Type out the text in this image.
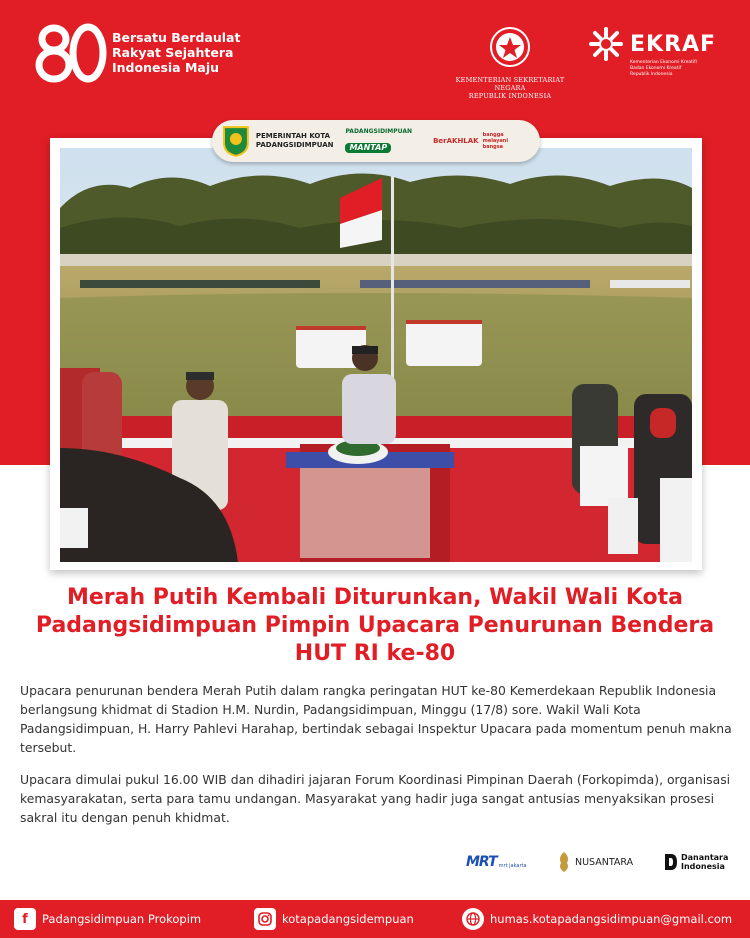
Bersatu Berdaulat
Rakyat Sejahtera
Indonesia Maju
KEMENTERIAN SEKRETARIAT NEGARA
REPUBLIK INDONESIA
EKRAF
Kementerian Ekonomi Kreatif/
Badan Ekonomi Kreatif
Republik Indonesia
PEMERINTAH KOTA
PADANGSIDIMPUAN
PADANGSIDIMPUAN
MANTAP
BerAKHLAK
bangga
melayani bangsa
Merah Putih Kembali Diturunkan, Wakil Wali Kota Padangsidimpuan Pimpin Upacara Penurunan Bendera HUT RI ke-80

Upacara penurunan bendera Merah Putih dalam rangka peringatan HUT ke-80 Kemerdekaan Republik Indonesia berlangsung khidmat di Stadion H.M. Nurdin, Padangsidimpuan, Minggu (17/8) sore. Wakil Wali Kota Padangsidimpuan, H. Harry Pahlevi Harahap, bertindak sebagai Inspektur Upacara pada momentum penuh makna tersebut.

Upacara dimulai pukul 16.00 WIB dan dihadiri jajaran Forum Koordinasi Pimpinan Daerah (Forkopimda), organisasi kemasyarakatan, serta para tamu undangan. Masyarakat yang hadir juga sangat antusias menyaksikan prosesi sakral itu dengan penuh khidmat.

MRT mrt jakarta	NUSANTARA	Danantara
Indonesia
f	Padangsidimpuan Prokopim	kotapadangsidempuan	humas.kotapadangsidimpuan@gmail.com
